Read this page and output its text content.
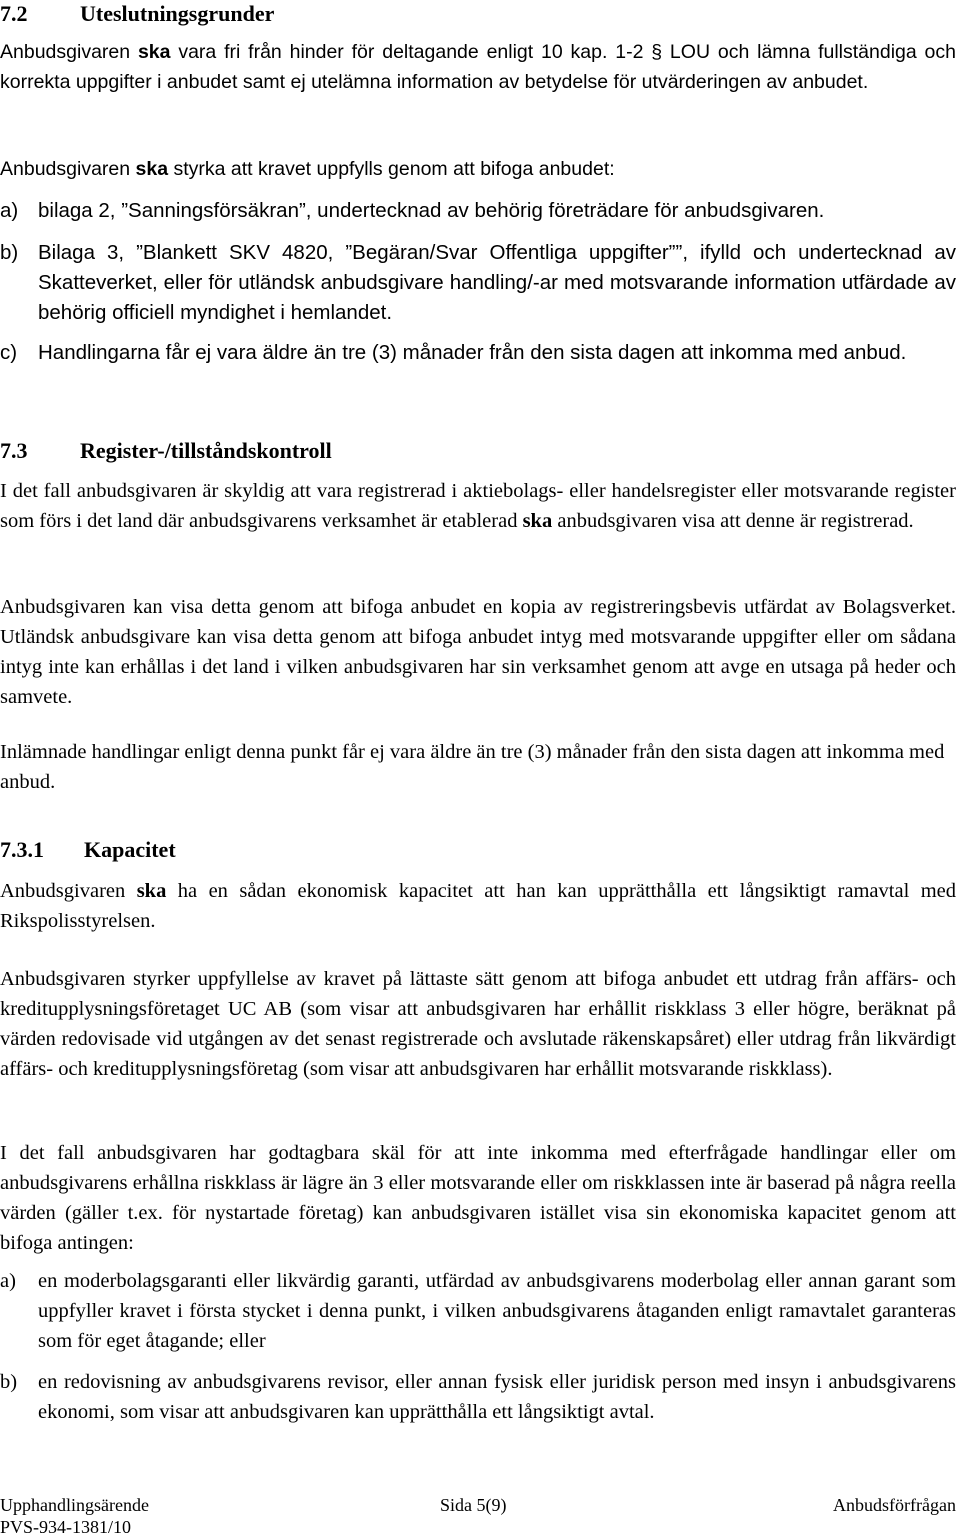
7.2 Uteslutningsgrunder
Anbudsgivaren ska vara fri från hinder för deltagande enligt 10 kap. 1-2 § LOU och lämna fullständiga och korrekta uppgifter i anbudet samt ej utelämna information av betydelse för utvärderingen av anbudet.
Anbudsgivaren ska styrka att kravet uppfylls genom att bifoga anbudet:
a) bilaga 2, ”Sanningsförsäkran”, undertecknad av behörig företrädare för anbudsgivaren.
b) Bilaga 3, ”Blankett SKV 4820, ”Begäran/Svar Offentliga uppgifter””, ifylld och undertecknad av Skatteverket, eller för utländsk anbudsgivare handling/-ar med motsvarande information utfärdade av behörig officiell myndighet i hemlandet.
c) Handlingarna får ej vara äldre än tre (3) månader från den sista dagen att inkomma med anbud.
7.3 Register-/tillståndskontroll
I det fall anbudsgivaren är skyldig att vara registrerad i aktiebolags- eller handelsregister eller motsvarande register som förs i det land där anbudsgivarens verksamhet är etablerad ska anbudsgivaren visa att denne är registrerad.
Anbudsgivaren kan visa detta genom att bifoga anbudet en kopia av registreringsbevis utfärdat av Bolagsverket. Utländsk anbudsgivare kan visa detta genom att bifoga anbudet intyg med motsvarande uppgifter eller om sådana intyg inte kan erhållas i det land i vilken anbudsgivaren har sin verksamhet genom att avge en utsaga på heder och samvete.
Inlämnade handlingar enligt denna punkt får ej vara äldre än tre (3) månader från den sista dagen att inkomma med anbud.
7.3.1 Kapacitet
Anbudsgivaren ska ha en sådan ekonomisk kapacitet att han kan upprätthålla ett långsiktigt ramavtal med Rikspolisstyrelsen.
Anbudsgivaren styrker uppfyllelse av kravet på lättaste sätt genom att bifoga anbudet ett utdrag från affärs- och kreditupplysningsföretaget UC AB (som visar att anbudsgivaren har erhållit riskklass 3 eller högre, beräknat på värden redovisade vid utgången av det senast registrerade och avslutade räkenskapsåret) eller utdrag från likvärdigt affärs- och kreditupplysningsföretag (som visar att anbudsgivaren har erhållit motsvarande riskklass).
I det fall anbudsgivaren har godtagbara skäl för att inte inkomma med efterfrågade handlingar eller om anbudsgivarens erhållna riskklass är lägre än 3 eller motsvarande eller om riskklassen inte är baserad på några reella värden (gäller t.ex. för nystartade företag) kan anbudsgivaren istället visa sin ekonomiska kapacitet genom att bifoga antingen:
a) en moderbolagsgaranti eller likvärdig garanti, utfärdad av anbudsgivarens moderbolag eller annan garant som uppfyller kravet i första stycket i denna punkt, i vilken anbudsgivarens åtaganden enligt ramavtalet garanteras som för eget åtagande; eller
b) en redovisning av anbudsgivarens revisor, eller annan fysisk eller juridisk person med insyn i anbudsgivarens ekonomi, som visar att anbudsgivaren kan upprätthålla ett långsiktigt avtal.
Upphandlingsärende	Sida 5(9)	Anbudsförfrågan
PVS-934-1381/10
